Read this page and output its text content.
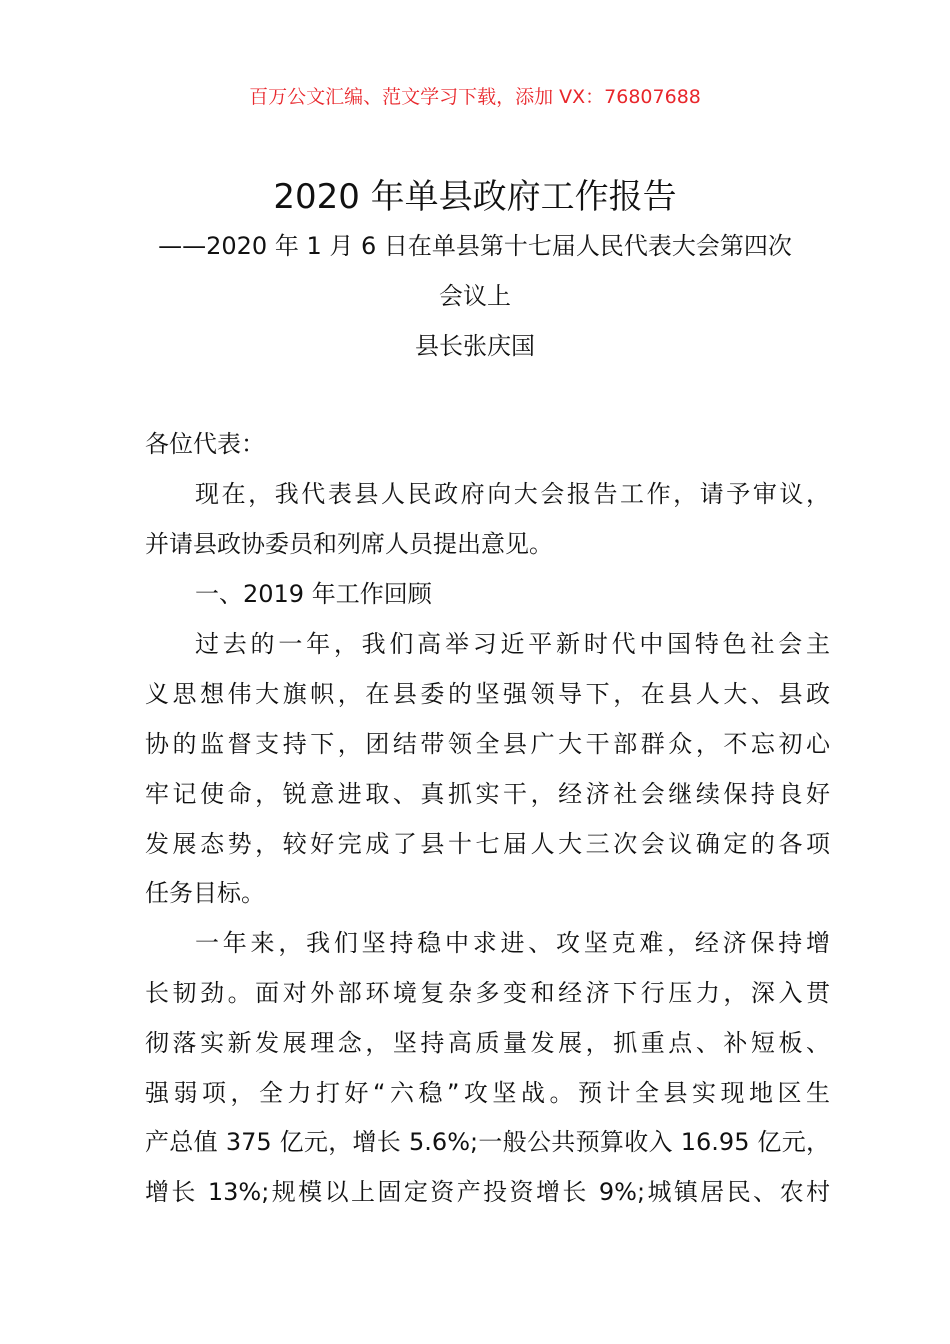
百万公文汇编、范文学习下载，添加 VX：76807688
2020 年单县政府工作报告
——2020 年 1 月 6 日在单县第十七届人民代表大会第四次
会议上
县长张庆国
各位代表：
现在，我代表县人民政府向大会报告工作，请予审议，
并请县政协委员和列席人员提出意见。
一、2019 年工作回顾
过去的一年，我们高举习近平新时代中国特色社会主
义思想伟大旗帜，在县委的坚强领导下，在县人大、县政
协的监督支持下，团结带领全县广大干部群众，不忘初心
牢记使命，锐意进取、真抓实干，经济社会继续保持良好
发展态势，较好完成了县十七届人大三次会议确定的各项
任务目标。
一年来，我们坚持稳中求进、攻坚克难，经济保持增
长韧劲。面对外部环境复杂多变和经济下行压力，深入贯
彻落实新发展理念，坚持高质量发展，抓重点、补短板、
强弱项，全力打好“六稳”攻坚战。预计全县实现地区生
产总值 375 亿元，增长 5.6%;一般公共预算收入 16.95 亿元，
增长 13%;规模以上固定资产投资增长 9%;城镇居民、农村
